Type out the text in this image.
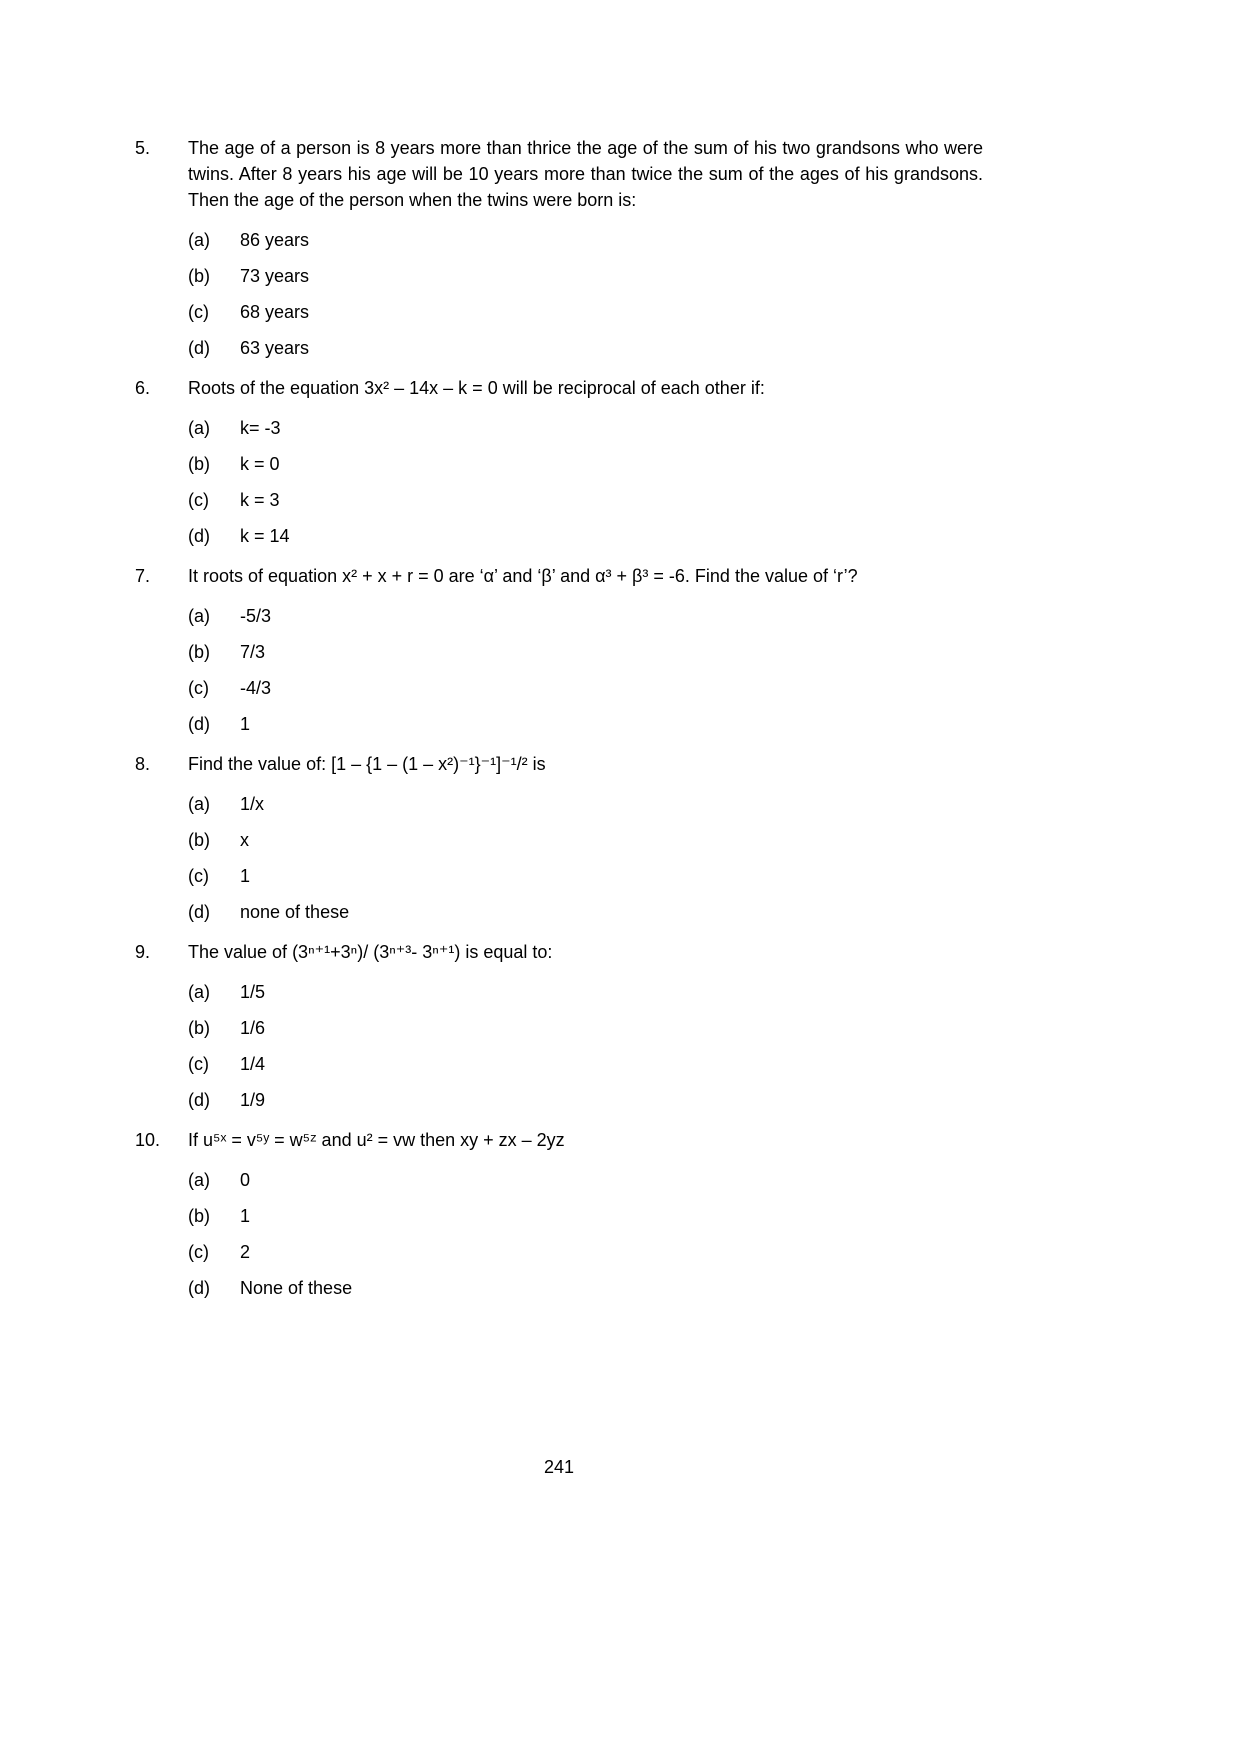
5.	The age of a person is 8 years more than thrice the age of the sum of his two grandsons who were twins. After 8 years his age will be 10 years more than twice the sum of the ages of his grandsons. Then the age of the person when the twins were born is:
(a)	86 years
(b)	73 years
(c)	68 years
(d)	63 years
6.	Roots of the equation 3x² – 14x – k = 0 will be reciprocal of each other if:
(a)	k= -3
(b)	k = 0
(c)	k = 3
(d)	k = 14
7.	It roots of equation x² + x + r = 0 are ‘α’ and ‘β’ and α³ + β³ = -6. Find the value of ‘r’?
(a)	-5/3
(b)	7/3
(c)	-4/3
(d)	1
8.	Find the value of: [1 – {1 – (1 – x²)⁻¹}⁻¹]⁻¹/² is
(a)	1/x
(b)	x
(c)	1
(d)	none of these
9.	The value of (3ⁿ⁺¹+3ⁿ)/ (3ⁿ⁺³- 3ⁿ⁺¹) is equal to:
(a)	1/5
(b)	1/6
(c)	1/4
(d)	1/9
10.	If u⁵ˣ = v⁵ʸ = w⁵ᶻ and u² = vw then xy + zx – 2yz
(a)	0
(b)	1
(c)	2
(d)	None of these
241
